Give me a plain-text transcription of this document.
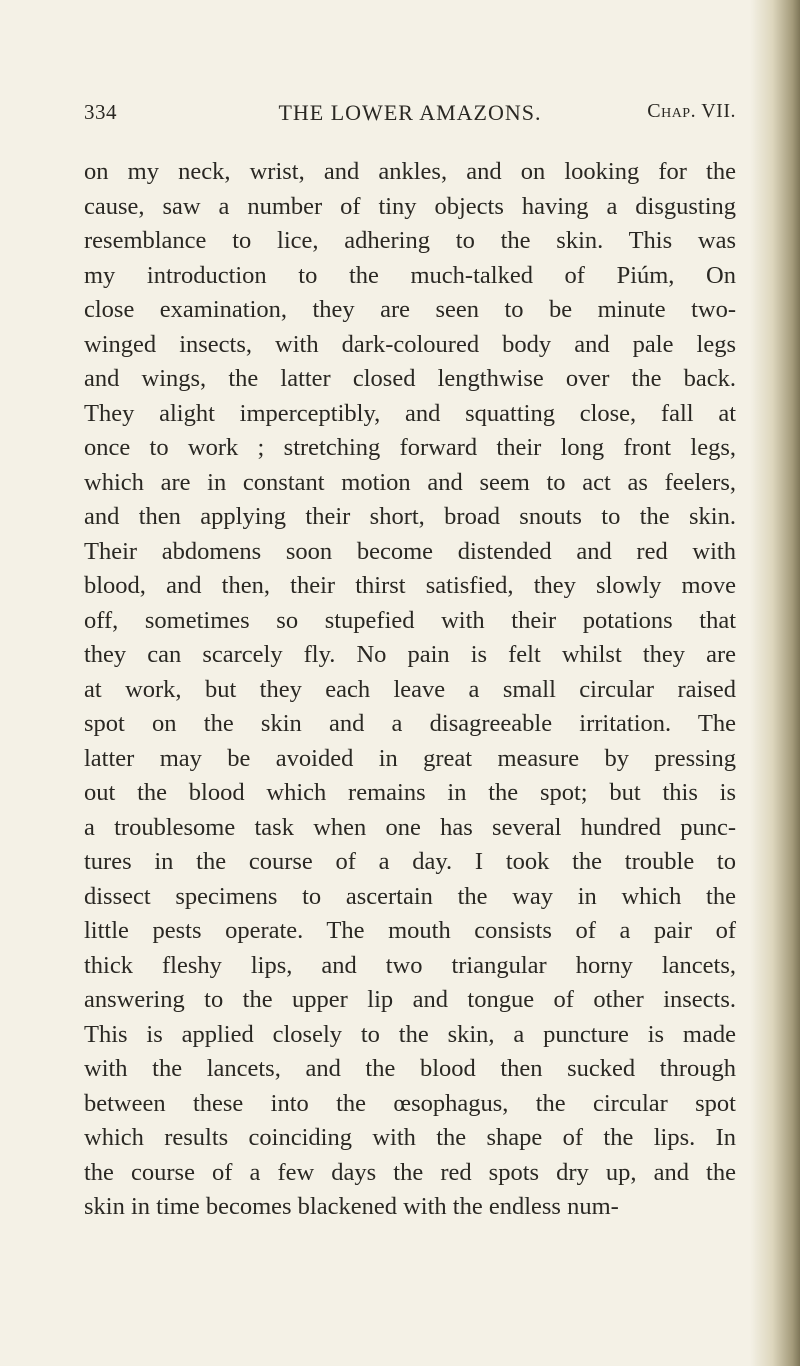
334	THE LOWER AMAZONS.	Chap. VII.
on my neck, wrist, and ankles, and on looking for the
cause, saw a number of tiny objects having a disgusting
resemblance to lice, adhering to the skin. This was
my introduction to the much-talked of Piúm, On
close examination, they are seen to be minute two-
winged insects, with dark-coloured body and pale legs
and wings, the latter closed lengthwise over the back.
They alight imperceptibly, and squatting close, fall at
once to work ; stretching forward their long front legs,
which are in constant motion and seem to act as feelers,
and then applying their short, broad snouts to the skin.
Their abdomens soon become distended and red with
blood, and then, their thirst satisfied, they slowly move
off, sometimes so stupefied with their potations that
they can scarcely fly. No pain is felt whilst they are
at work, but they each leave a small circular raised
spot on the skin and a disagreeable irritation. The
latter may be avoided in great measure by pressing
out the blood which remains in the spot; but this is
a troublesome task when one has several hundred punc-
tures in the course of a day. I took the trouble to
dissect specimens to ascertain the way in which the
little pests operate. The mouth consists of a pair of
thick fleshy lips, and two triangular horny lancets,
answering to the upper lip and tongue of other insects.
This is applied closely to the skin, a puncture is made
with the lancets, and the blood then sucked through
between these into the œsophagus, the circular spot
which results coinciding with the shape of the lips. In
the course of a few days the red spots dry up, and the
skin in time becomes blackened with the endless num-
